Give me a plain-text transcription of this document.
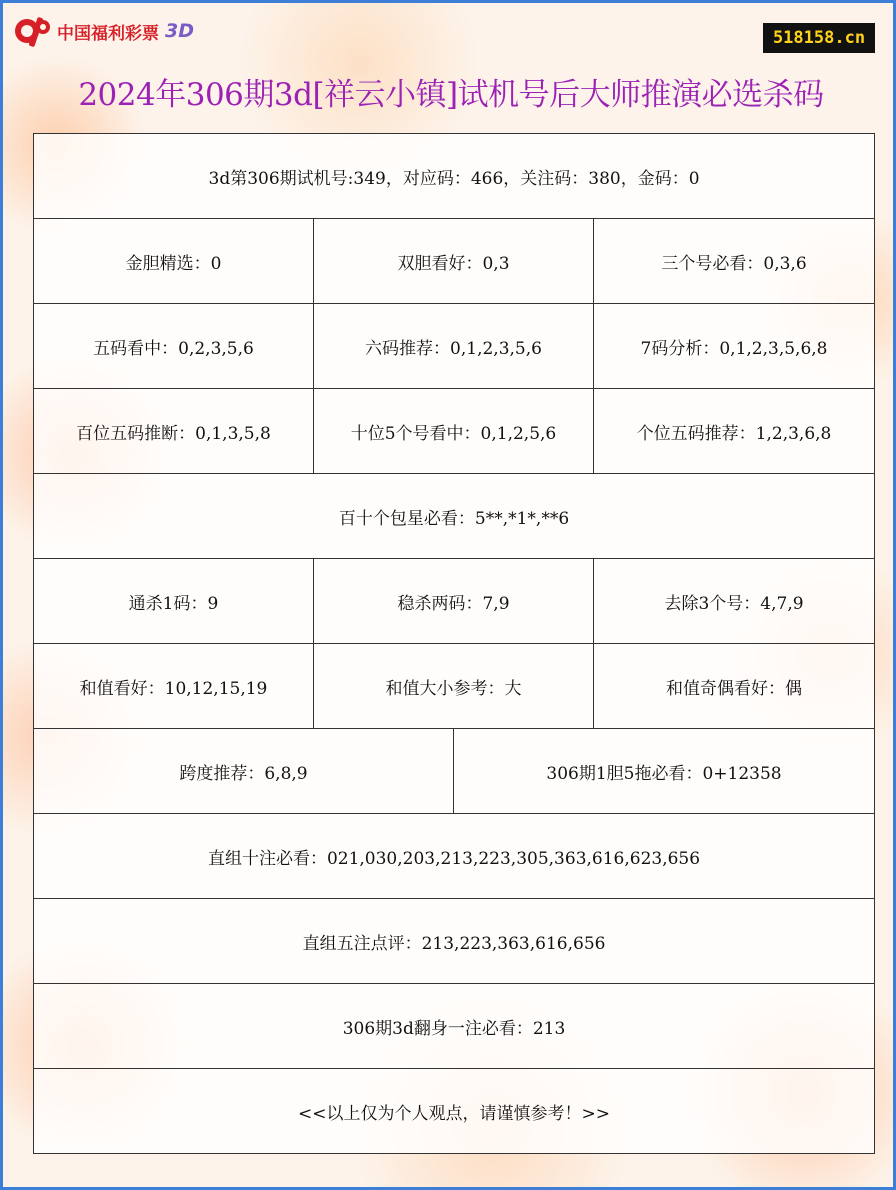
中国福利彩票 3D	518158.cn
2024年306期3d[祥云小镇]试机号后大师推演必选杀码
3d第306期试机号:349，对应码：466，关注码：380，金码：0			
金胆精选：0	双胆看好：0,3		三个号必看：0,3,6
五码看中：0,2,3,5,6	六码推荐：0,1,2,3,5,6		7码分析：0,1,2,3,5,6,8
百位五码推断：0,1,3,5,8	十位5个号看中：0,1,2,5,6		个位五码推荐：1,2,3,6,8
百十个包星必看：5**,*1*,**6			
通杀1码：9	稳杀两码：7,9		去除3个号：4,7,9
和值看好：10,12,15,19	和值大小参考：大		和值奇偶看好：偶
跨度推荐：6,8,9		306期1胆5拖必看：0+12358	
直组十注必看：021,030,203,213,223,305,363,616,623,656			
直组五注点评：213,223,363,616,656			
306期3d翻身一注必看：213			
<<以上仅为个人观点，请谨慎参考！>>			
